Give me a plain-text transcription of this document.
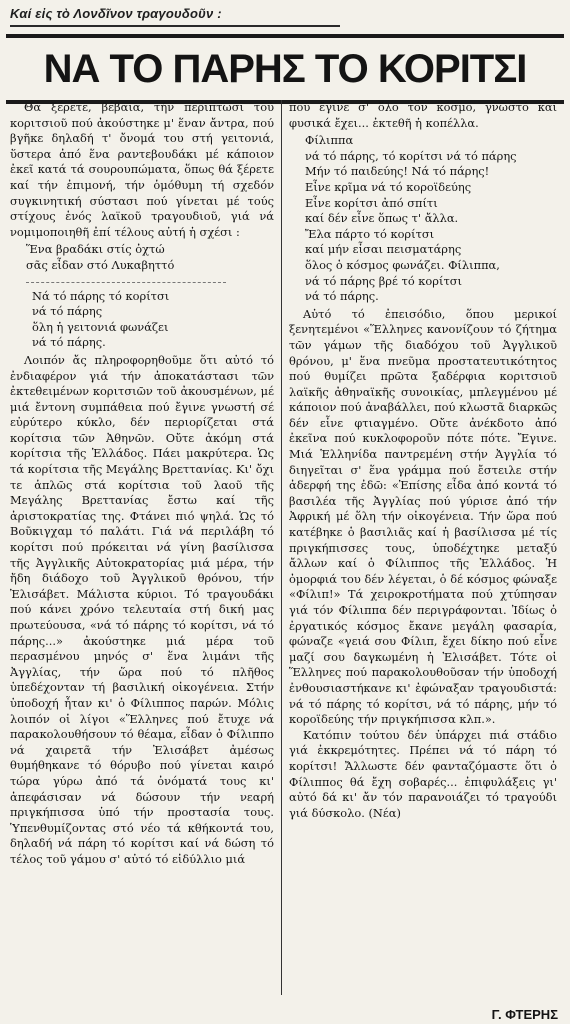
Καί εἰς τὸ Λονδῖνον τραγουδοῦν :
ΝΑ ΤΟ ΠΑΡΗΣ ΤΟ ΚΟΡΙΤΣΙ

Θά ξέρετε, βέβαια, τήν περίπτωσι τοῦ κοριτσιοῦ πού ἀκούστηκε μ' ἕναν ἄντρα, πού βγῆκε δηλαδή τ' ὄνομά του στή γειτονιά, ὕστερα ἀπό ἕνα ραντεβουδάκι μέ κάποιον ἐκεῖ κατά τά σουρουπώματα, ὅπως θά ξέρετε καί τήν ἐπιμονή, τήν ὁμόθυμη τή σχεδόν συγκινητική σύστασι πού γίνεται μέ τούς στίχους ἑνός λαϊκοῦ τραγουδιοῦ, γιά νά νομιμοποιηθῆ ἐπί τέλους αὐτή ἡ σχέσι :

Ἕνα βραδάκι στίς ὀχτώ
σᾶς εἶδαν στό Λυκαβηττό
Νά τό πάρης τό κορίτσι
νά τό πάρης
ὅλη ἡ γειτονιά φωνάζει
νά τό πάρης.

Λοιπόν ἄς πληροφορηθοῦμε ὅτι αὐτό τό ἐνδιαφέρον γιά τήν ἀποκατάστασι τῶν ἐκτεθειμένων κοριτσιῶν τοῦ ἀκουσμένων, μέ μιά ἔντονη συμπάθεια πού ἔγινε γνωστή σέ εὐρύτερο κύκλο, δέν περιορίζεται στά κορίτσια τῶν Ἀθηνῶν. Οὔτε ἀκόμη στά κορίτσια τῆς Ἑλλάδος. Πάει μακρύτερα. Ὡς τά κορίτσια τῆς Μεγάλης Βρεττανίας. Κι' ὄχι τε ἁπλῶς στά κορίτσια τοῦ λαοῦ τῆς Μεγάλης Βρεττανίας ἔστω καί τῆς ἀριστοκρατίας της. Φτάνει πιό ψηλά. Ὡς τό Βοῦκιγχαμ τό παλάτι. Γιά νά περιλάβη τό κορίτσι πού πρόκειται νά γίνη βασίλισσα τῆς Ἀγγλικῆς Αὐτοκρατορίας μιά μέρα, τήν ἤδη διάδοχο τοῦ Ἀγγλικοῦ θρόνου, τήν Ἐλισάβετ. Μάλιστα κύριοι. Τό τραγουδάκι πού κάνει χρόνο τελευταία στή δική μας πρωτεύουσα, «νά τό πάρης τό κορίτσι, νά τό πάρης...» ἀκούστηκε μιά μέρα τοῦ περασμένου μηνός σ' ἕνα λιμάνι τῆς Ἀγγλίας, τήν ὥρα πού τό πλῆθος ὑπεδέχονταν τή βασιλική οἰκογένεια. Στήν ὑποδοχή ἦταν κι' ὁ Φίλιππος παρών. Μόλις λοιπόν οἱ λίγοι «Ἕλληνες πού ἔτυχε νά παρακολουθήσουν τό θέαμα, εἶδαν ὁ Φίλιππο νά χαιρετᾶ τήν Ἐλισάβετ ἀμέσως θυμήθηκανε τό θόρυβο πού γίνεται καιρό τώρα γύρω ἀπό τά ὀνόματά τους κι' ἀπεφάσισαν νά δώσουν τήν νεαρή πριγκήπισσα ὑπό τήν προστασία τους. Ὑπενθυμίζοντας στό νέο τά κθήκοντά του, δηλαδή νά πάρη τό κορίτσι καί νά δώση τό τέλος τοῦ γάμου σ' αὐτό τό εἰδύλλιο μιά

πού ἔγινε σ' ὅλο τόν κόσμο, γνωστό καί φυσικά ἔχει... ἐκτεθῆ ἡ κοπέλλα.

Φίλιππα
νά τό πάρης, τό κορίτσι νά τό πάρης
Μήν τό παιδεύης! Νά τό πάρης!
Εἶνε κρῖμα νά τό κοροϊδεύης
Εἶνε κορίτσι ἀπό σπίτι
καί δέν εἶνε ὅπως τ' ἄλλα.
Ἔλα πάρτο τό κορίτσι
καί μήν εἶσαι πεισματάρης
ὅλος ὁ κόσμος φωνάζει. Φίλιππα,
νά τό πάρης βρέ τό κορίτσι
νά τό πάρης.

Αὐτό τό ἐπεισόδιο, ὅπου μερικοί ξενητεμένοι «Ἕλληνες κανονίζουν τό ζήτημα τῶν γάμων τῆς διαδόχου τοῦ Ἀγγλικοῦ θρόνου, μ' ἕνα πνεῦμα προστατευτικότητος πού θυμίζει πρῶτα ξαδέρφια κοριτσιοῦ λαϊκῆς ἀθηναϊκῆς συνοικίας, μπλεγμένου μέ κάποιον πού ἀναβάλλει, πού κλωστᾶ διαρκῶς δέν εἶνε φτιαγμένο. Οὔτε ἀνέκδοτο ἀπό ἐκεῖνα πού κυκλοφοροῦν πότε πότε. Ἔγινε. Μιά Ἑλληνίδα παντρεμένη στήν Ἀγγλία τό διηγεῖται σ' ἕνα γράμμα πού ἔστειλε στήν ἀδερφή της ἐδῶ: «Ἐπίσης εἶδα ἀπό κοντά τό βασιλέα τῆς Ἀγγλίας πού γύρισε ἀπό τήν Ἀφρική μέ ὅλη τήν οἰκογένεια. Τήν ὥρα πού κατέβηκε ὁ βασιλιᾶς καί ἡ βασίλισσα μέ τίς πριγκήπισσες τους, ὑποδέχτηκε μεταξύ ἄλλων καί ὁ Φίλιππος τῆς Ἑλλάδος. Ἡ ὀμορφιά του δέν λέγεται, ὁ δέ κόσμος φώναξε «Φίλιπ!» Τά χειροκροτήματα πού χτύπησαν γιά τόν Φίλιππα δέν περιγράφονται. Ἰδίως ὁ ἐργατικός κόσμος ἔκανε μεγάλη φασαρία, φώναζε «γειά σου Φίλιπ, ἔχει δίκηο πού εἶνε μαζί σου δαγκωμένη ἡ Ἐλισάβετ. Τότε οἱ Ἕλληνες πού παρακολουθοῦσαν τήν ὑποδοχή ἐνθουσιαστήκανε κι' ἐφώναξαν τραγουδιστά: νά τό πάρης τό κορίτσι, νά τό πάρης, μήν τό κοροϊδεύης τήν πριγκήπισσα κλπ.».

Κατόπιν τούτου δέν ὑπάρχει πιά στάδιο γιά ἐκκρεμότητες. Πρέπει νά τό πάρη τό κορίτσι! Ἄλλωστε δέν φανταζόμαστε ὅτι ὁ Φίλιππος θά ἔχη σοβαρές... ἐπιφυλάξεις γι' αὐτό δά κι' ἄν τόν παρανοιάζει τό τραγούδι γιά δύσκολο. (Νέα)

Γ. ΦΤΕΡΗΣ
